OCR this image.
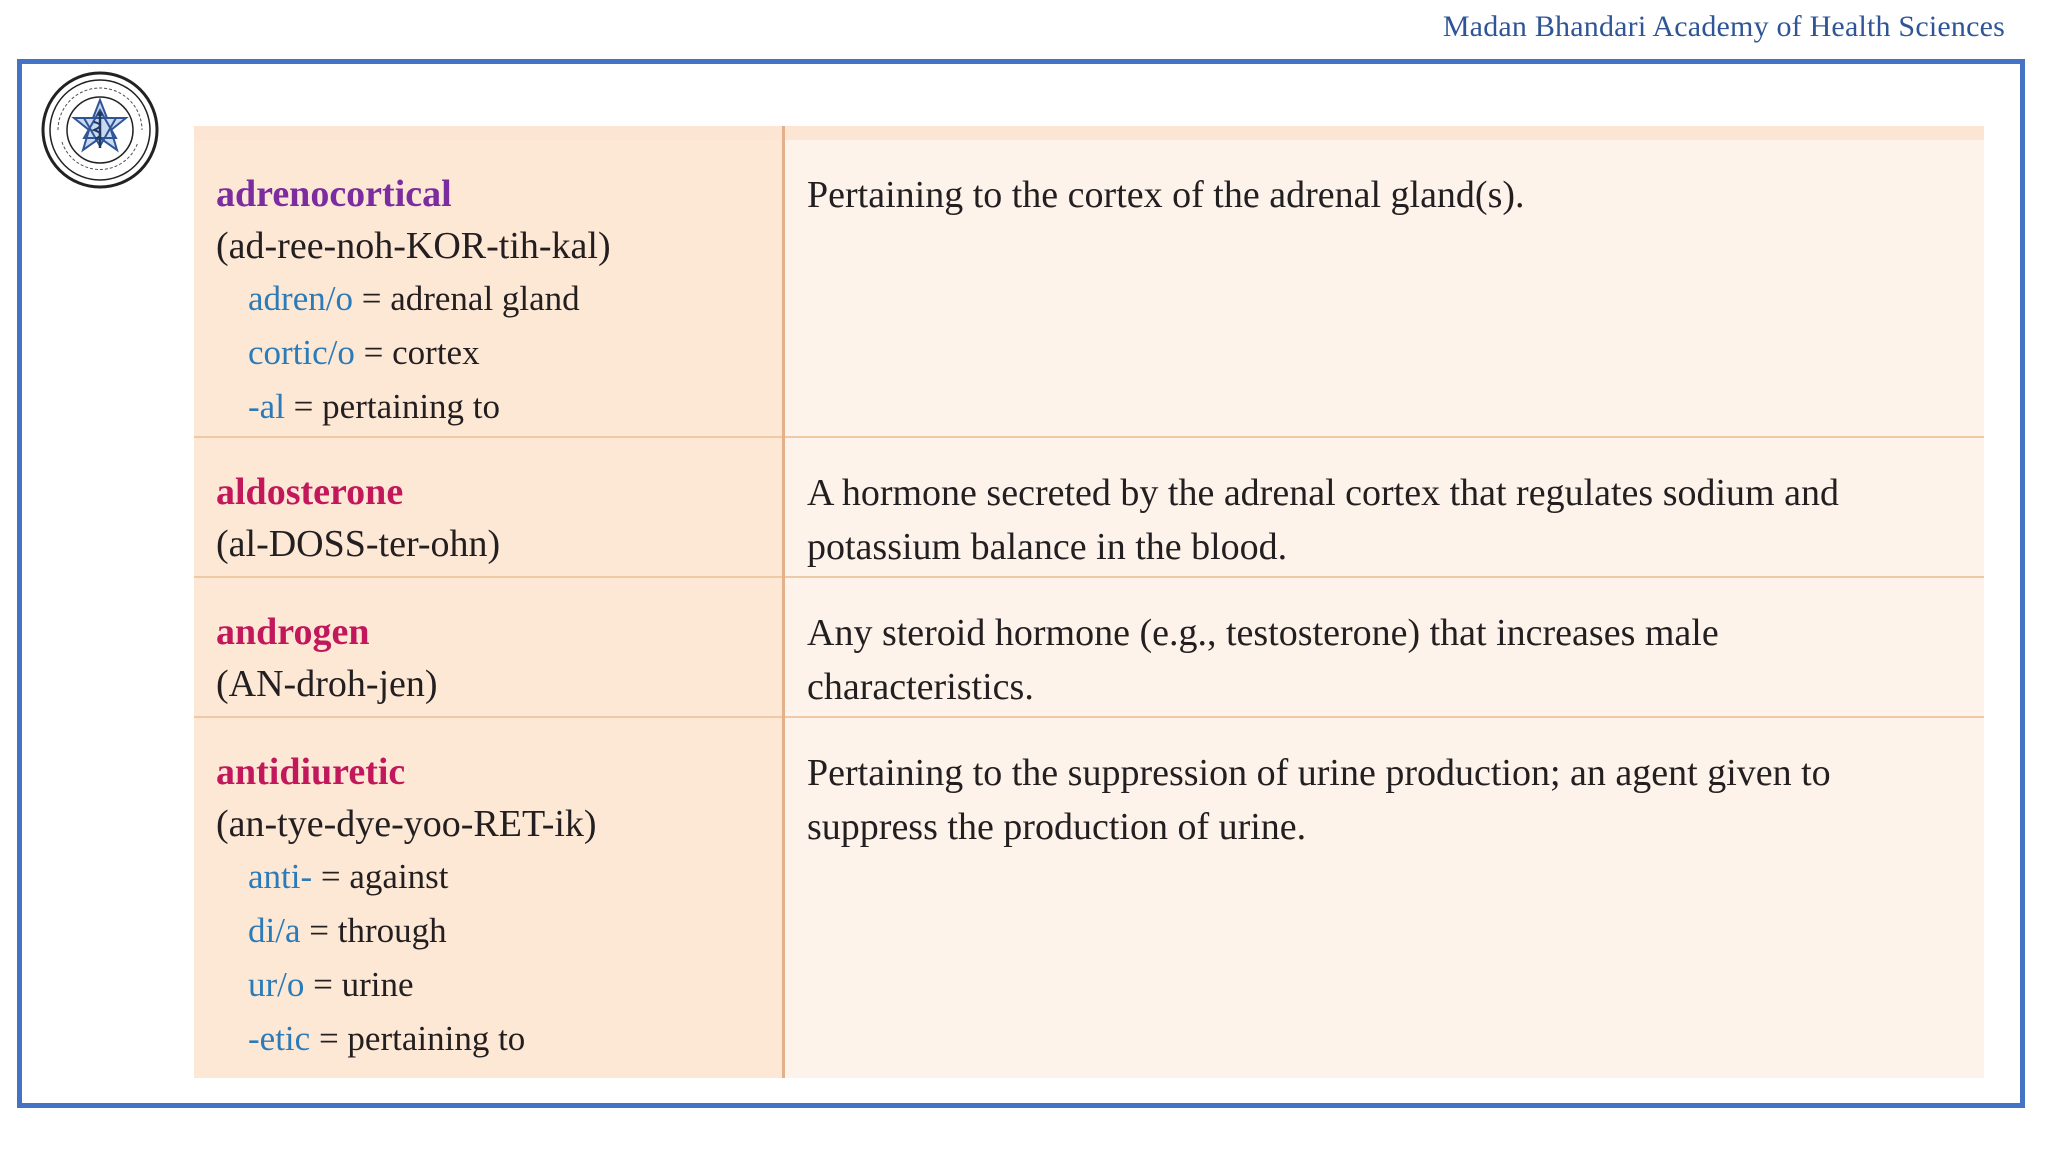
Madan Bhandari Academy of Health Sciences
adrenocortical
(ad-ree-noh-KOR-tih-kal)
adren/o = adrenal gland
cortic/o = cortex
-al = pertaining to

Pertaining to the cortex of the adrenal gland(s).

aldosterone
(al-DOSS-ter-ohn)

A hormone secreted by the adrenal cortex that regulates sodium and potassium balance in the blood.

androgen
(AN-droh-jen)

Any steroid hormone (e.g., testosterone) that increases male characteristics.

antidiuretic
(an-tye-dye-yoo-RET-ik)
anti- = against
di/a = through
ur/o = urine
-etic = pertaining to

Pertaining to the suppression of urine production; an agent given to suppress the production of urine.
